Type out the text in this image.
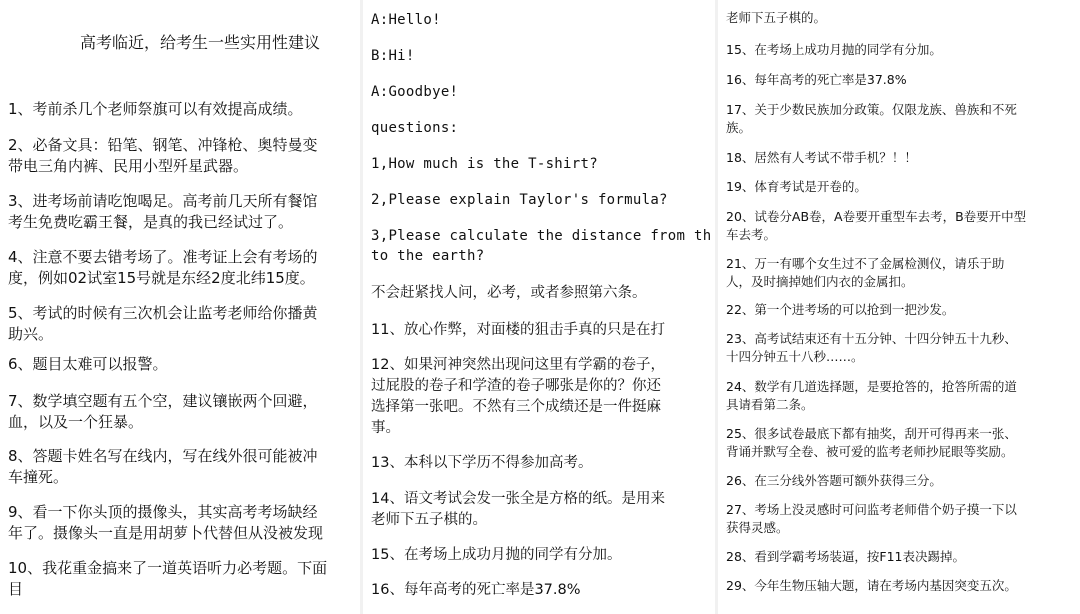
高考临近，给考生一些实用性建议
1、考前杀几个老师祭旗可以有效提高成绩。
2、必备文具：铅笔、钢笔、冲锋枪、奥特曼变
带电三角内裤、民用小型歼星武器。
3、进考场前请吃饱喝足。高考前几天所有餐馆
考生免费吃霸王餐，是真的我已经试过了。
4、注意不要去错考场了。准考证上会有考场的
度，例如02试室15号就是东经2度北纬15度。
5、考试的时候有三次机会让监考老师给你播黄
助兴。
6、题目太难可以报警。
7、数学填空题有五个空，建议镶嵌两个回避，
血，以及一个狂暴。
8、答题卡姓名写在线内，写在线外很可能被冲
车撞死。
9、看一下你头顶的摄像头，其实高考考场缺经
年了。摄像头一直是用胡萝卜代替但从没被发现
10、我花重金搞来了一道英语听力必考题。下面
目
A:Hello!
B:Hi!
A:Goodbye!
questions:
1,How much is the T-shirt?
2,Please explain Taylor's formula?
3,Please calculate the distance from th
to the earth?
不会赶紧找人问，必考，或者参照第六条。
11、放心作弊，对面楼的狙击手真的只是在打
12、如果河神突然出现问这里有学霸的卷子，
过屁股的卷子和学渣的卷子哪张是你的？你还
选择第一张吧。不然有三个成绩还是一件挺麻
事。
13、本科以下学历不得参加高考。
14、语文考试会发一张全是方格的纸。是用来
老师下五子棋的。
15、在考场上成功月抛的同学有分加。
16、每年高考的死亡率是37.8%
老师下五子棋的。
15、在考场上成功月抛的同学有分加。
16、每年高考的死亡率是37.8%
17、关于少数民族加分政策。仅限龙族、兽族和不死
族。
18、居然有人考试不带手机？！！
19、体育考试是开卷的。
20、试卷分AB卷，A卷要开重型车去考，B卷要开中型
车去考。
21、万一有哪个女生过不了金属检测仪，请乐于助
人，及时摘掉她们内衣的金属扣。
22、第一个进考场的可以抢到一把沙发。
23、高考试结束还有十五分钟、十四分钟五十九秒、
十四分钟五十八秒……。
24、数学有几道选择题，是要抢答的，抢答所需的道
具请看第二条。
25、很多试卷最底下都有抽奖，刮开可得再来一张、
背诵并默写全卷、被可爱的监考老师抄屁眼等奖励。
26、在三分线外答题可额外获得三分。
27、考场上没灵感时可问监考老师借个奶子摸一下以
获得灵感。
28、看到学霸考场装逼，按F11表决踢掉。
29、今年生物压轴大题，请在考场内基因突变五次。
